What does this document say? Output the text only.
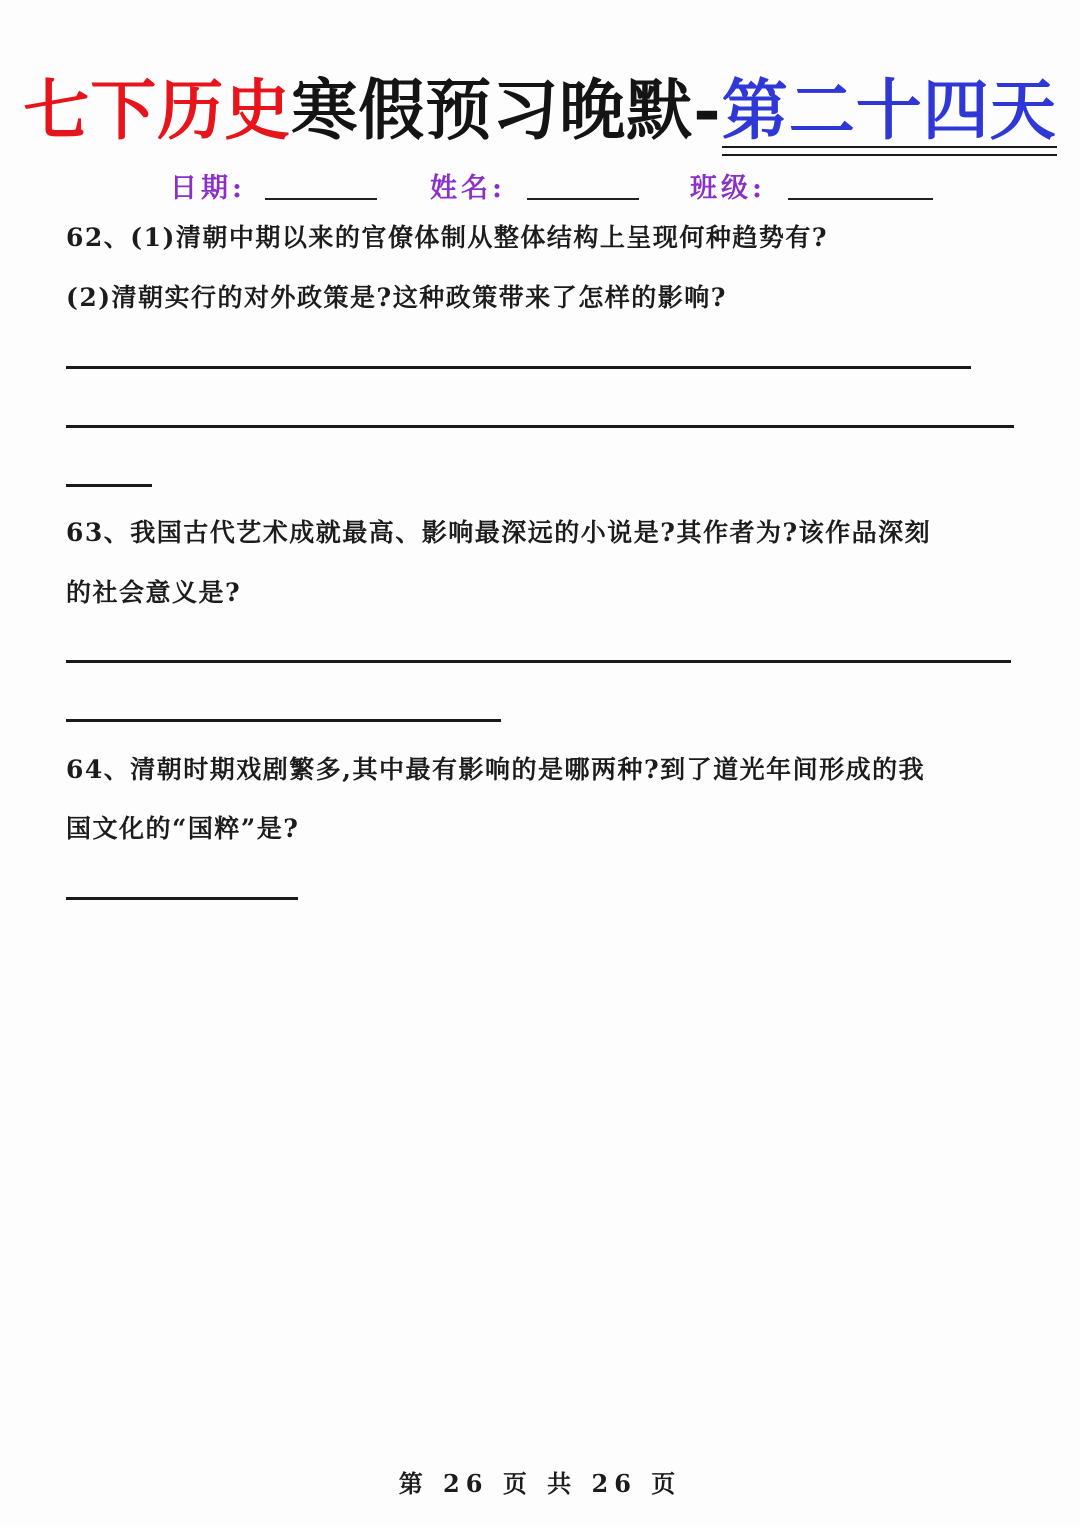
七下历史寒假预习晚默-第二十四天
日期:	姓名:	班级:
62、(1)清朝中期以来的官僚体制从整体结构上呈现何种趋势有?
(2)清朝实行的对外政策是?这种政策带来了怎样的影响?
63、我国古代艺术成就最高、影响最深远的小说是?其作者为?该作品深刻
的社会意义是?
64、清朝时期戏剧繁多,其中最有影响的是哪两种?到了道光年间形成的我
国文化的“国粹”是?
第 26 页 共 26 页
